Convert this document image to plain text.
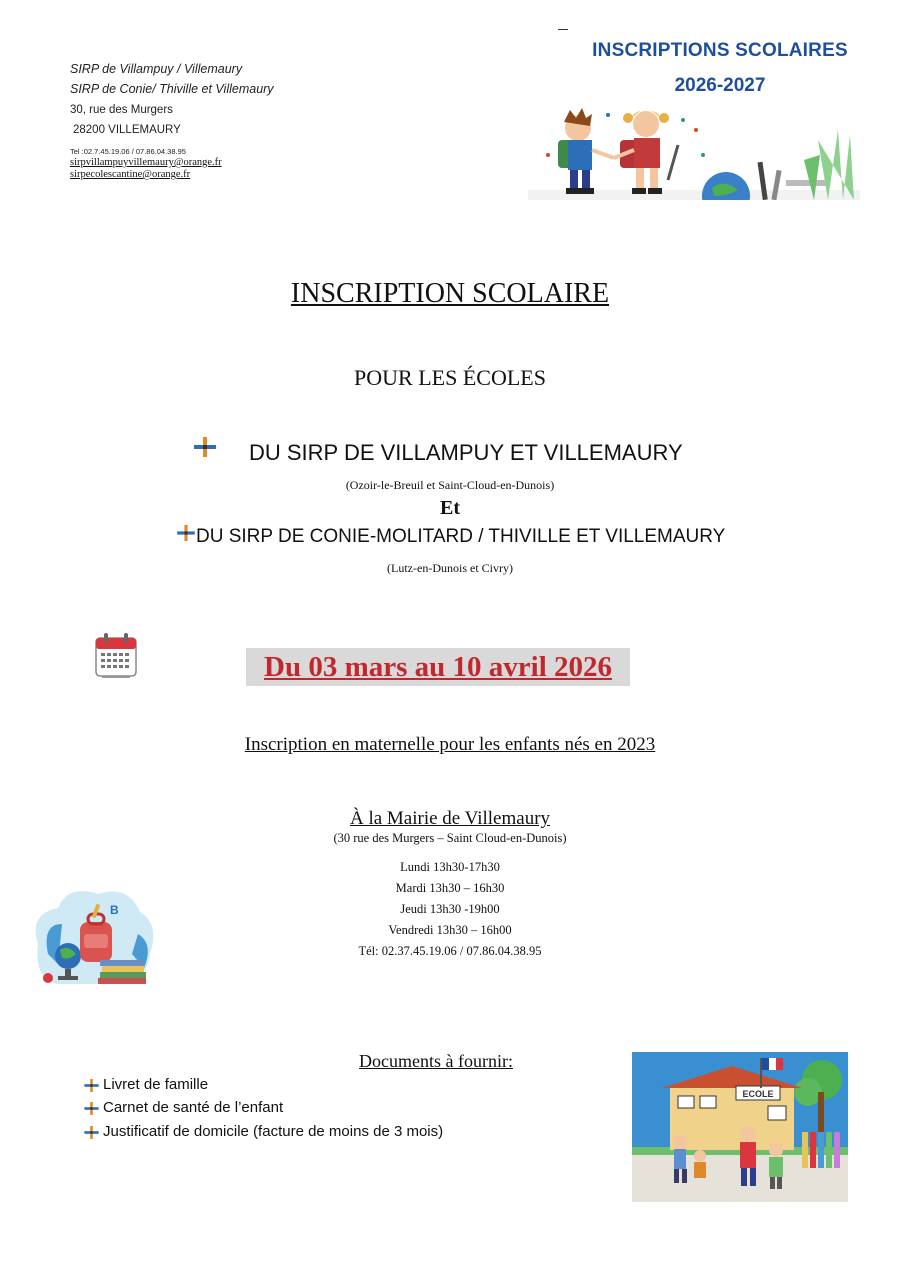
SIRP de Villampuy / Villemaury
SIRP de Conie/ Thiville et Villemaury
30, rue des Murgers
28200 VILLEMAURY
Tel :02.7.45.19.06 / 07.86.04.38.95
sirpvillampuyvillemaury@orange.fr
sirpecolescantine@orange.fr
INSCRIPTIONS SCOLAIRES
2026-2027
INSCRIPTION SCOLAIRE
POUR LES ÉCOLES
DU SIRP DE VILLAMPUY ET VILLEMAURY
(Ozoir-le-Breuil et Saint-Cloud-en-Dunois)
Et
DU SIRP DE CONIE-MOLITARD / THIVILLE ET VILLEMAURY
(Lutz-en-Dunois et Civry)
Du 03 mars au 10 avril 2026
Inscription en maternelle pour les enfants nés en 2023
À la Mairie de Villemaury
(30 rue des Murgers – Saint Cloud-en-Dunois)
Lundi 13h30-17h30
Mardi 13h30 – 16h30
Jeudi 13h30 -19h00
Vendredi 13h30 – 16h00
Tél: 02.37.45.19.06 / 07.86.04.38.95
B
Documents à fournir:
Livret de famille
Carnet de santé de l’enfant
Justificatif de domicile (facture de moins de 3 mois)
ECOLE
